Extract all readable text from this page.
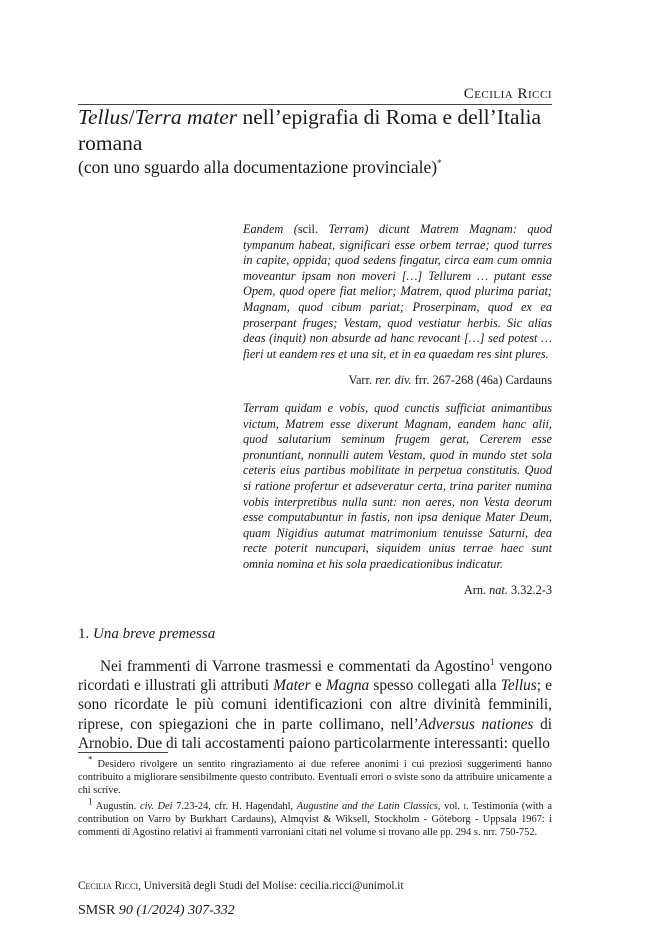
Cecilia Ricci
Tellus/Terra mater nell’epigrafia di Roma e dell’Italia romana
(con uno sguardo alla documentazione provinciale)*
Eandem (scil. Terram) dicunt Matrem Magnam: quod tympanum habeat, significari esse orbem terrae; quod turres in capite, oppida; quod sedens fingatur, circa eam cum omnia moveantur ipsam non moveri […] Tellurem … putant esse Opem, quod opere fiat melior; Matrem, quod plurima pariat; Magnam, quod cibum pariat; Proserpinam, quod ex ea proserpant fruges; Vestam, quod vestiatur herbis. Sic alias deas (inquit) non absurde ad hanc revocant […] sed potest … fieri ut eandem res et una sit, et in ea quaedam res sint plures.
Varr. rer. div. frr. 267-268 (46a) Cardauns
Terram quidam e vobis, quod cunctis sufficiat animantibus victum, Matrem esse dixerunt Magnam, eandem hanc alii, quod salutarium seminum frugem gerat, Cererem esse pronuntiant, nonnulli autem Vestam, quod in mundo stet sola ceteris eius partibus mobilitate in perpetua constitutis. Quod si ratione profertur et adseveratur certa, trina pariter numina vobis interpretibus nulla sunt: non aeres, non Vesta deorum esse computabuntur in fastis, non ipsa denique Mater Deum, quam Nigidius autumat matrimonium tenuisse Saturni, dea recte poterit nuncupari, siquidem unius terrae haec sunt omnia nomina et his sola praedicationibus indicatur.
Arn. nat. 3.32.2-3
1. Una breve premessa

Nei frammenti di Varrone trasmessi e commentati da Agostino$^1$ vengono ricordati e illustrati gli attributi Mater e Magna spesso collegati alla Tellus; e sono ricordate le più comuni identificazioni con altre divinità femminili, riprese, con spiegazioni che in parte collimano, nell’Adversus nationes di Arnobio. Due di tali accostamenti paiono particolarmente interessanti: quello

* Desidero rivolgere un sentito ringraziamento ai due referee anonimi i cui preziosi suggerimenti hanno contribuito a migliorare sensibilmente questo contributo. Eventuali errori o sviste sono da attribuire unicamente a chi scrive.

$^1$ Augustin. civ. Dei 7.23-24, cfr. H. Hagendahl, Augustine and the Latin Classics, vol. i. Testimonia (with a contribution on Varro by Burkhart Cardauns), Almqvist & Wiksell, Stockholm - Göteborg - Uppsala 1967: i commenti di Agostino relativi ai frammenti varroniani citati nel volume si trovano alle pp. 294 s. nrr. 750-752.

Cecilia Ricci, Università degli Studi del Molise: cecilia.ricci@unimol.it
SMSR 90 (1/2024) 307-332
